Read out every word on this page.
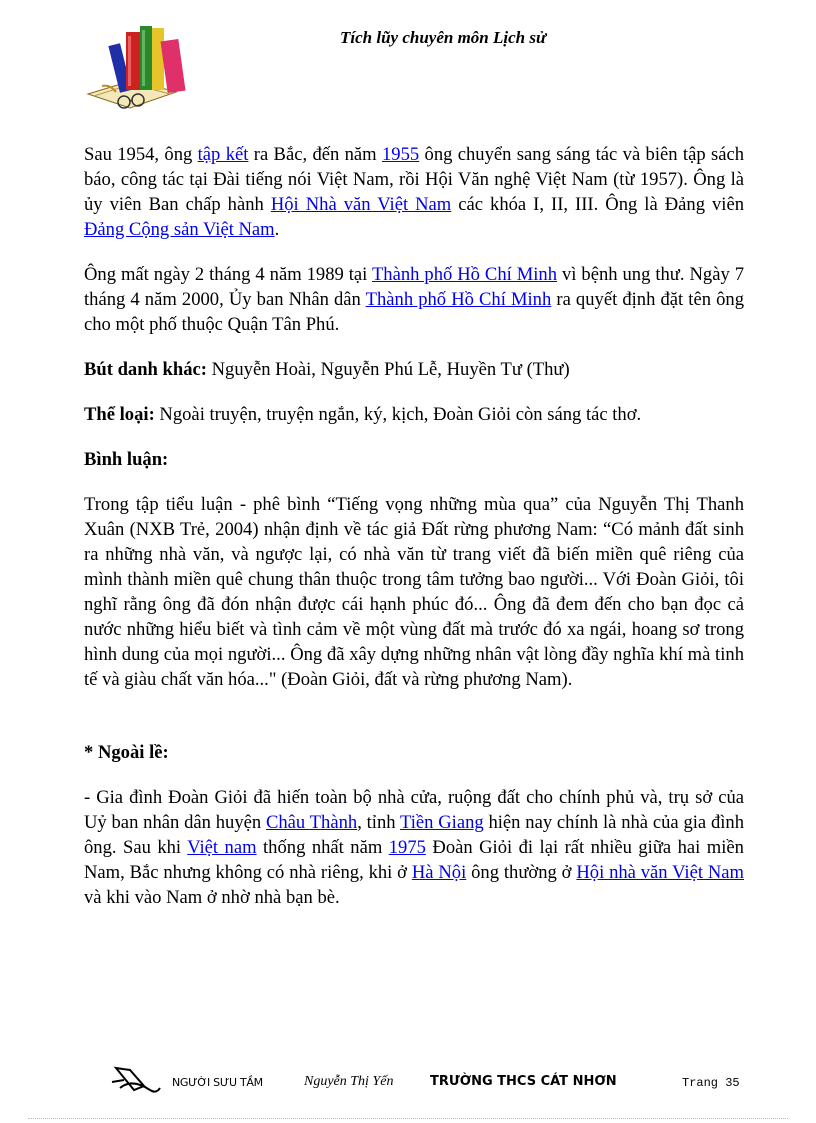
Tích lũy chuyên môn Lịch sử

Sau 1954, ông tập kết ra Bắc, đến năm 1955 ông chuyển sang sáng tác và biên tập sách báo, công tác tại Đài tiếng nói Việt Nam, rồi Hội Văn nghệ Việt Nam (từ 1957). Ông là ủy viên Ban chấp hành Hội Nhà văn Việt Nam các khóa I, II, III. Ông là Đảng viên Đảng Cộng sản Việt Nam.

Ông mất ngày 2 tháng 4 năm 1989 tại Thành phố Hồ Chí Minh vì bệnh ung thư. Ngày 7 tháng 4 năm 2000, Ủy ban Nhân dân Thành phố Hồ Chí Minh ra quyết định đặt tên ông cho một phố thuộc Quận Tân Phú.

Bút danh khác: Nguyễn Hoài, Nguyễn Phú Lễ, Huyền Tư (Thư)

Thể loại: Ngoài truyện, truyện ngắn, ký, kịch, Đoàn Giỏi còn sáng tác thơ.

Bình luận:

Trong tập tiểu luận - phê bình “Tiếng vọng những mùa qua” của Nguyễn Thị Thanh Xuân (NXB Trẻ, 2004) nhận định về tác giả Đất rừng phương Nam: “Có mảnh đất sinh ra những nhà văn, và ngược lại, có nhà văn từ trang viết đã biến miền quê riêng của mình thành miền quê chung thân thuộc trong tâm tưởng bao người... Với Đoàn Giỏi, tôi nghĩ rằng ông đã đón nhận được cái hạnh phúc đó... Ông đã đem đến cho bạn đọc cả nước những hiểu biết và tình cảm về một vùng đất mà trước đó xa ngái, hoang sơ trong hình dung của mọi người... Ông đã xây dựng những nhân vật lòng đầy nghĩa khí mà tinh tế và giàu chất văn hóa..." (Đoàn Giỏi, đất và rừng phương Nam).

* Ngoài lề:

- Gia đình Đoàn Giỏi đã hiến toàn bộ nhà cửa, ruộng đất cho chính phủ và, trụ sở của Uỷ ban nhân dân huyện Châu Thành, tỉnh Tiền Giang hiện nay chính là nhà của gia đình ông. Sau khi Việt nam thống nhất năm 1975 Đoàn Giỏi đi lại rất nhiều giữa hai miền Nam, Bắc nhưng không có nhà riêng, khi ở Hà Nội ông thường ở Hội nhà văn Việt Nam và khi vào Nam ở nhờ nhà bạn bè.

NGƯỜI SƯU TẦM	Nguyễn Thị Yến	TRƯỜNG THCS CÁT NHƠN	Trang 35
